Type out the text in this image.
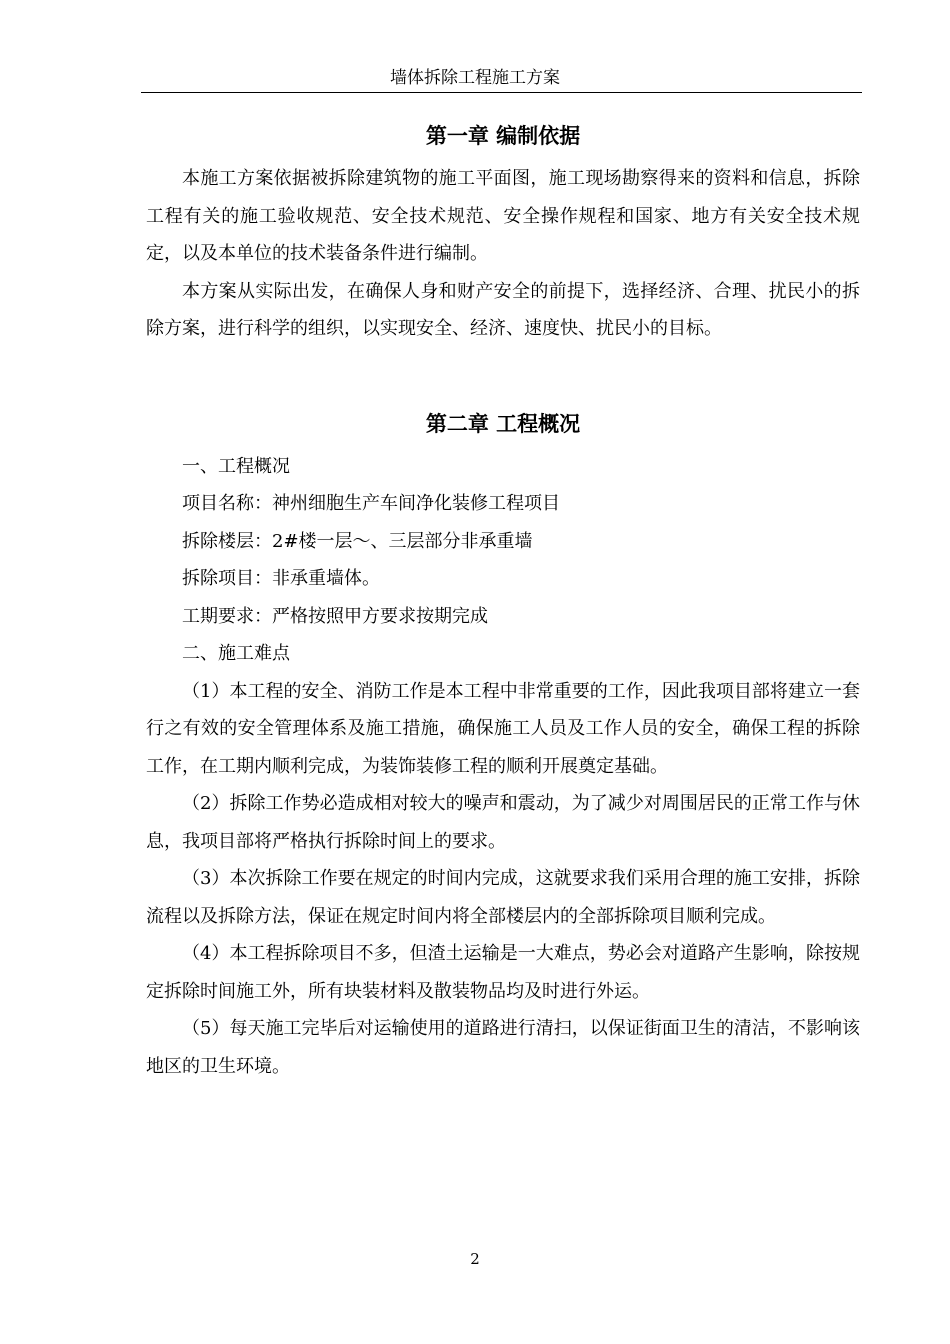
墙体拆除工程施工方案
第一章 编制依据

本施工方案依据被拆除建筑物的施工平面图，施工现场勘察得来的资料和信息，拆除工程有关的施工验收规范、安全技术规范、安全操作规程和国家、地方有关安全技术规定，以及本单位的技术装备条件进行编制。

本方案从实际出发，在确保人身和财产安全的前提下，选择经济、合理、扰民小的拆除方案，进行科学的组织，以实现安全、经济、速度快、扰民小的目标。

第二章 工程概况

一、工程概况

项目名称：神州细胞生产车间净化装修工程项目

拆除楼层：2#楼一层～、三层部分非承重墙

拆除项目：非承重墙体。

工期要求：严格按照甲方要求按期完成

二、施工难点

（1）本工程的安全、消防工作是本工程中非常重要的工作，因此我项目部将建立一套行之有效的安全管理体系及施工措施，确保施工人员及工作人员的安全，确保工程的拆除工作，在工期内顺利完成，为装饰装修工程的顺利开展奠定基础。

（2）拆除工作势必造成相对较大的噪声和震动，为了减少对周围居民的正常工作与休息，我项目部将严格执行拆除时间上的要求。

（3）本次拆除工作要在规定的时间内完成，这就要求我们采用合理的施工安排，拆除流程以及拆除方法，保证在规定时间内将全部楼层内的全部拆除项目顺利完成。

（4）本工程拆除项目不多，但渣土运输是一大难点，势必会对道路产生影响，除按规定拆除时间施工外，所有块装材料及散装物品均及时进行外运。

（5）每天施工完毕后对运输使用的道路进行清扫，以保证街面卫生的清洁，不影响该地区的卫生环境。

2
